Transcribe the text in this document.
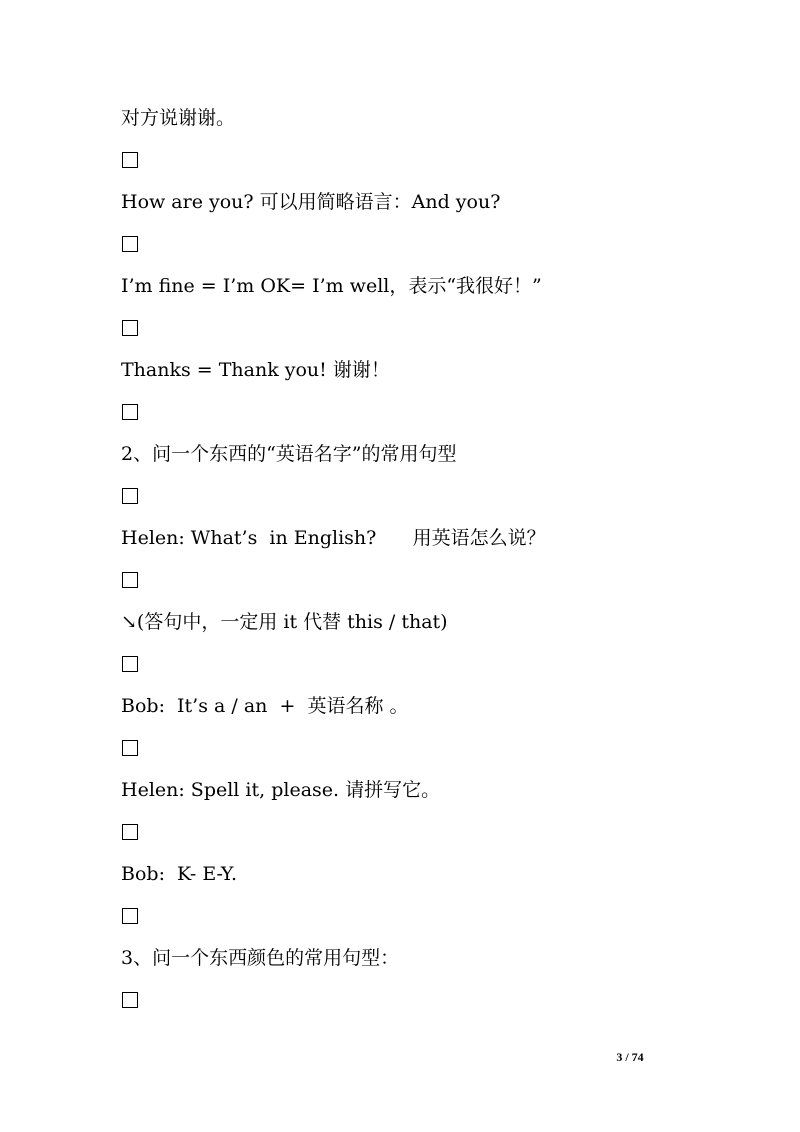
对方说谢谢。
How are you? 可以用简略语言：And you?
I’m fine = I’m OK= I’m well，表示“我很好！”
Thanks = Thank you! 谢谢！
2、问一个东西的“英语名字”的常用句型
Helen: What’s  in English?      用英语怎么说？
↘(答句中，一定用 it 代替 this / that)
Bob:  It’s a / an  +  英语名称 。
Helen: Spell it, please. 请拼写它。
Bob:  K- E-Y.
3、问一个东西颜色的常用句型：
3 / 74
